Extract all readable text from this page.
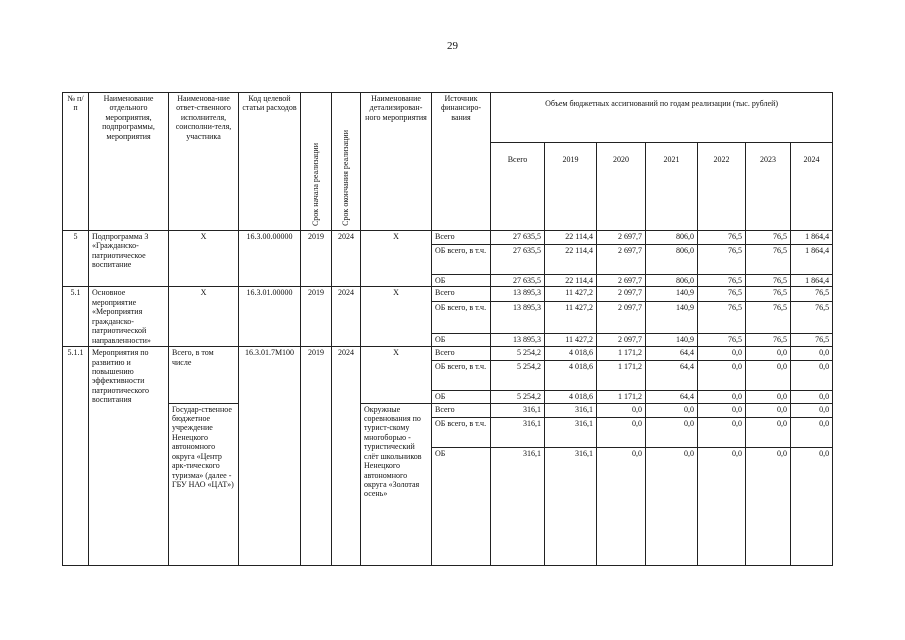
29
№ п/п	Наименование отдельного мероприятия, подпрограммы, мероприятия	Наименова-ние ответ-ственного исполнителя, соисполни-теля, участника	Код целевой статьи расходов	Срок начала реализации	Срок окончания реализации	Наименование детализирован-ного мероприятия	Источник финансиро-вания	Объем бюджетных ассигнований по годам реализации (тыс. рублей)						
								Всего	2019	2020	2021	2022	2023	2024
5	Подпрограмма 3 «Гражданско-патриотическое воспитание	Х	16.3.00.00000	2019	2024	Х	Всего	27 635,5	22 114,4	2 697,7	806,0	76,5	76,5	1 864,4
							ОБ всего, в т.ч.	27 635,5	22 114,4	2 697,7	806,0	76,5	76,5	1 864,4
							ОБ	27 635,5	22 114,4	2 697,7	806,0	76,5	76,5	1 864,4
5.1	Основное мероприятие «Мероприятия гражданско-патриотической направленности»	Х	16.3.01.00000	2019	2024	Х	Всего	13 895,3	11 427,2	2 097,7	140,9	76,5	76,5	76,5
							ОБ всего, в т.ч.	13 895,3	11 427,2	2 097,7	140,9	76,5	76,5	76,5
							ОБ	13 895,3	11 427,2	2 097,7	140,9	76,5	76,5	76,5
5.1.1	Мероприятия по развитию и повышению эффективности патриотического воспитания	Всего, в том числе	16.3.01.7М100	2019	2024	Х	Всего	5 254,2	4 018,6	1 171,2	64,4	0,0	0,0	0,0
							ОБ всего, в т.ч.	5 254,2	4 018,6	1 171,2	64,4	0,0	0,0	0,0
							ОБ	5 254,2	4 018,6	1 171,2	64,4	0,0	0,0	0,0
		Государ-ственное бюджетное учреждение Ненецкого автономного округа «Центр арк-тического туризма» (далее - ГБУ НАО «ЦАТ»)				Окружные соревнования по турист-скому многоборью - туристический слёт школьников Ненецкого автономного округа «Золотая осень»	Всего	316,1	316,1	0,0	0,0	0,0	0,0	0,0
							ОБ всего, в т.ч.	316,1	316,1	0,0	0,0	0,0	0,0	0,0
							ОБ	316,1	316,1	0,0	0,0	0,0	0,0	0,0
